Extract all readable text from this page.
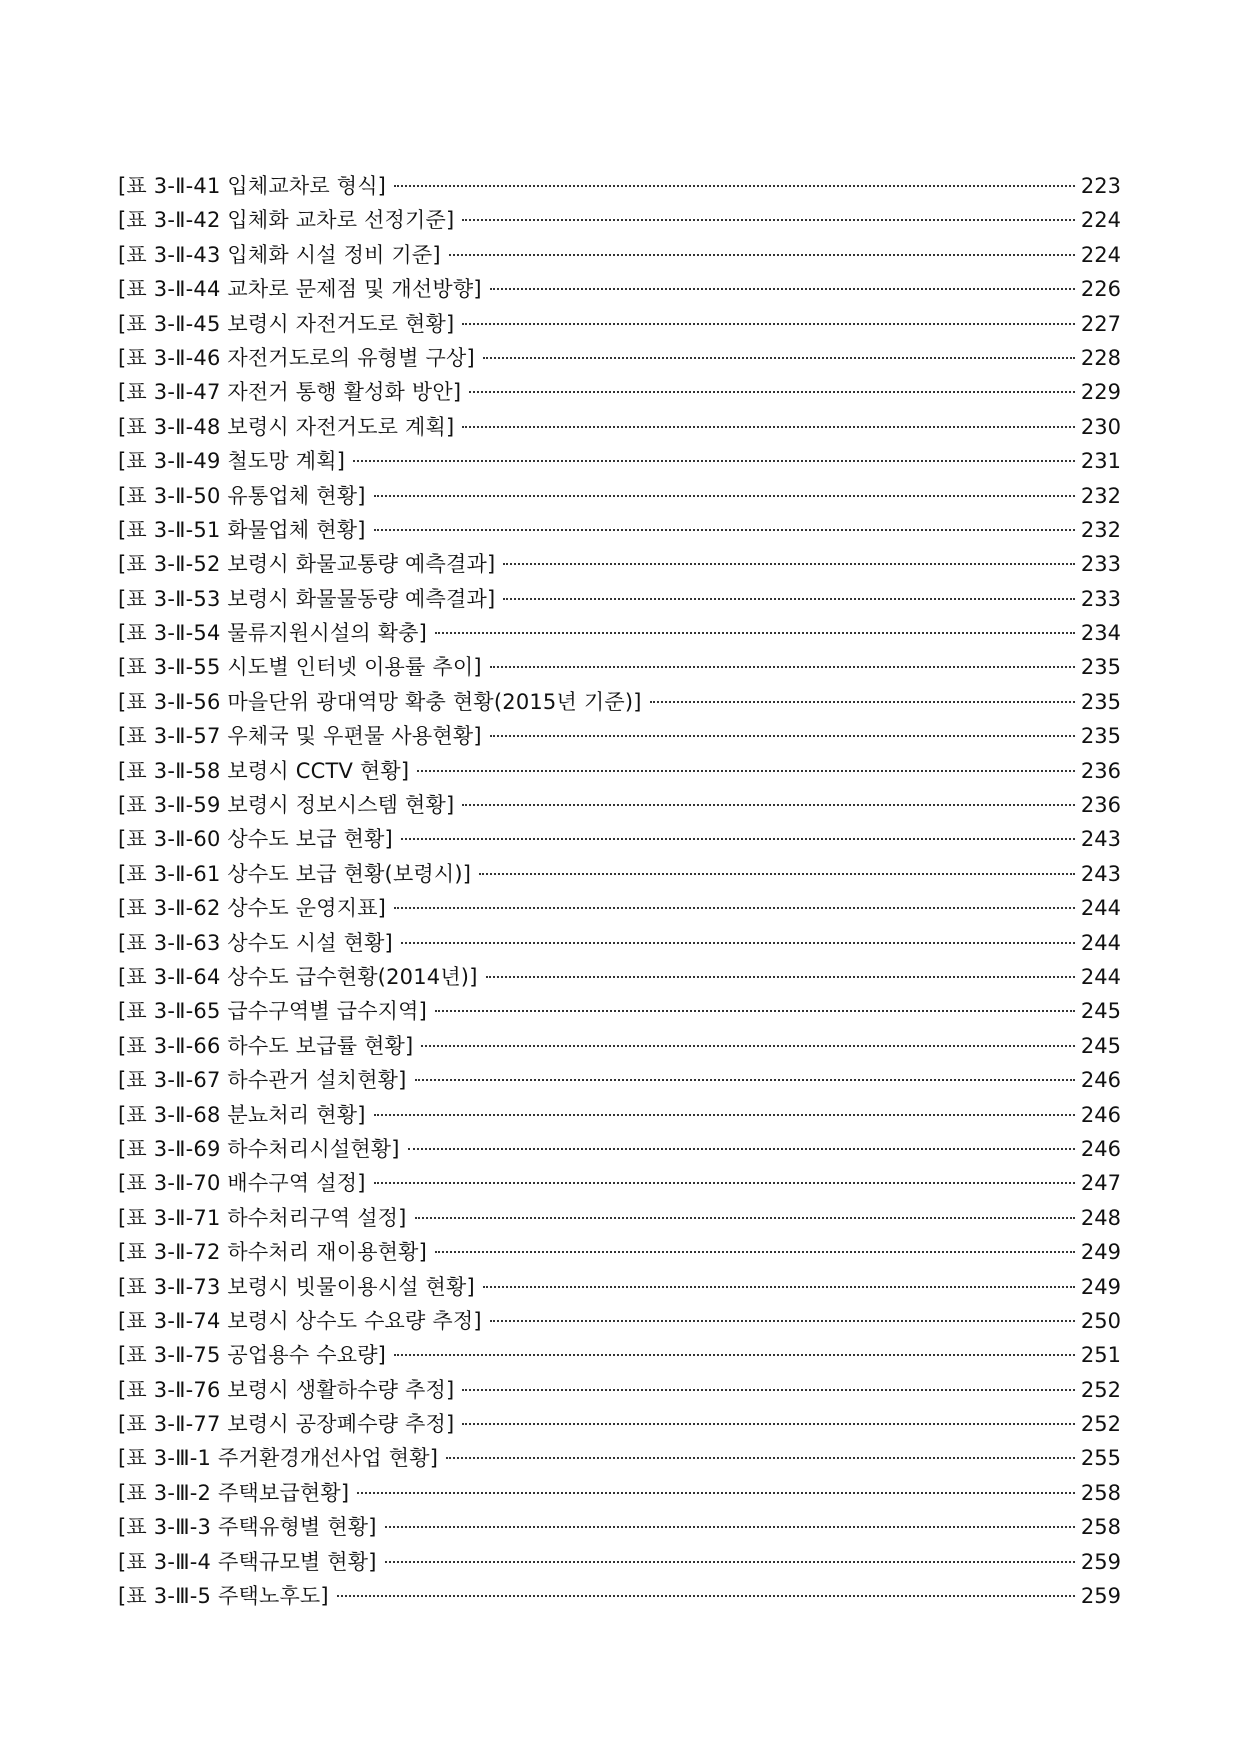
[표 3-Ⅱ-41 입체교차로 형식]	223
[표 3-Ⅱ-42 입체화 교차로 선정기준]	224
[표 3-Ⅱ-43 입체화 시설 정비 기준]	224
[표 3-Ⅱ-44 교차로 문제점 및 개선방향]	226
[표 3-Ⅱ-45 보령시 자전거도로 현황]	227
[표 3-Ⅱ-46 자전거도로의 유형별 구상]	228
[표 3-Ⅱ-47 자전거 통행 활성화 방안]	229
[표 3-Ⅱ-48 보령시 자전거도로 계획]	230
[표 3-Ⅱ-49 철도망 계획]	231
[표 3-Ⅱ-50 유통업체 현황]	232
[표 3-Ⅱ-51 화물업체 현황]	232
[표 3-Ⅱ-52 보령시 화물교통량 예측결과]	233
[표 3-Ⅱ-53 보령시 화물물동량 예측결과]	233
[표 3-Ⅱ-54 물류지원시설의 확충]	234
[표 3-Ⅱ-55 시도별 인터넷 이용률 추이]	235
[표 3-Ⅱ-56 마을단위 광대역망 확충 현황(2015년 기준)]	235
[표 3-Ⅱ-57 우체국 및 우편물 사용현황]	235
[표 3-Ⅱ-58 보령시 CCTV 현황]	236
[표 3-Ⅱ-59 보령시 정보시스템 현황]	236
[표 3-Ⅱ-60 상수도 보급 현황]	243
[표 3-Ⅱ-61 상수도 보급 현황(보령시)]	243
[표 3-Ⅱ-62 상수도 운영지표]	244
[표 3-Ⅱ-63 상수도 시설 현황]	244
[표 3-Ⅱ-64 상수도 급수현황(2014년)]	244
[표 3-Ⅱ-65 급수구역별 급수지역]	245
[표 3-Ⅱ-66 하수도 보급률 현황]	245
[표 3-Ⅱ-67 하수관거 설치현황]	246
[표 3-Ⅱ-68 분뇨처리 현황]	246
[표 3-Ⅱ-69 하수처리시설현황]	246
[표 3-Ⅱ-70 배수구역 설정]	247
[표 3-Ⅱ-71 하수처리구역 설정]	248
[표 3-Ⅱ-72 하수처리 재이용현황]	249
[표 3-Ⅱ-73 보령시 빗물이용시설 현황]	249
[표 3-Ⅱ-74 보령시 상수도 수요량 추정]	250
[표 3-Ⅱ-75 공업용수 수요량]	251
[표 3-Ⅱ-76 보령시 생활하수량 추정]	252
[표 3-Ⅱ-77 보령시 공장폐수량 추정]	252
[표 3-Ⅲ-1 주거환경개선사업 현황]	255
[표 3-Ⅲ-2 주택보급현황]	258
[표 3-Ⅲ-3 주택유형별 현황]	258
[표 3-Ⅲ-4 주택규모별 현황]	259
[표 3-Ⅲ-5 주택노후도]	259
